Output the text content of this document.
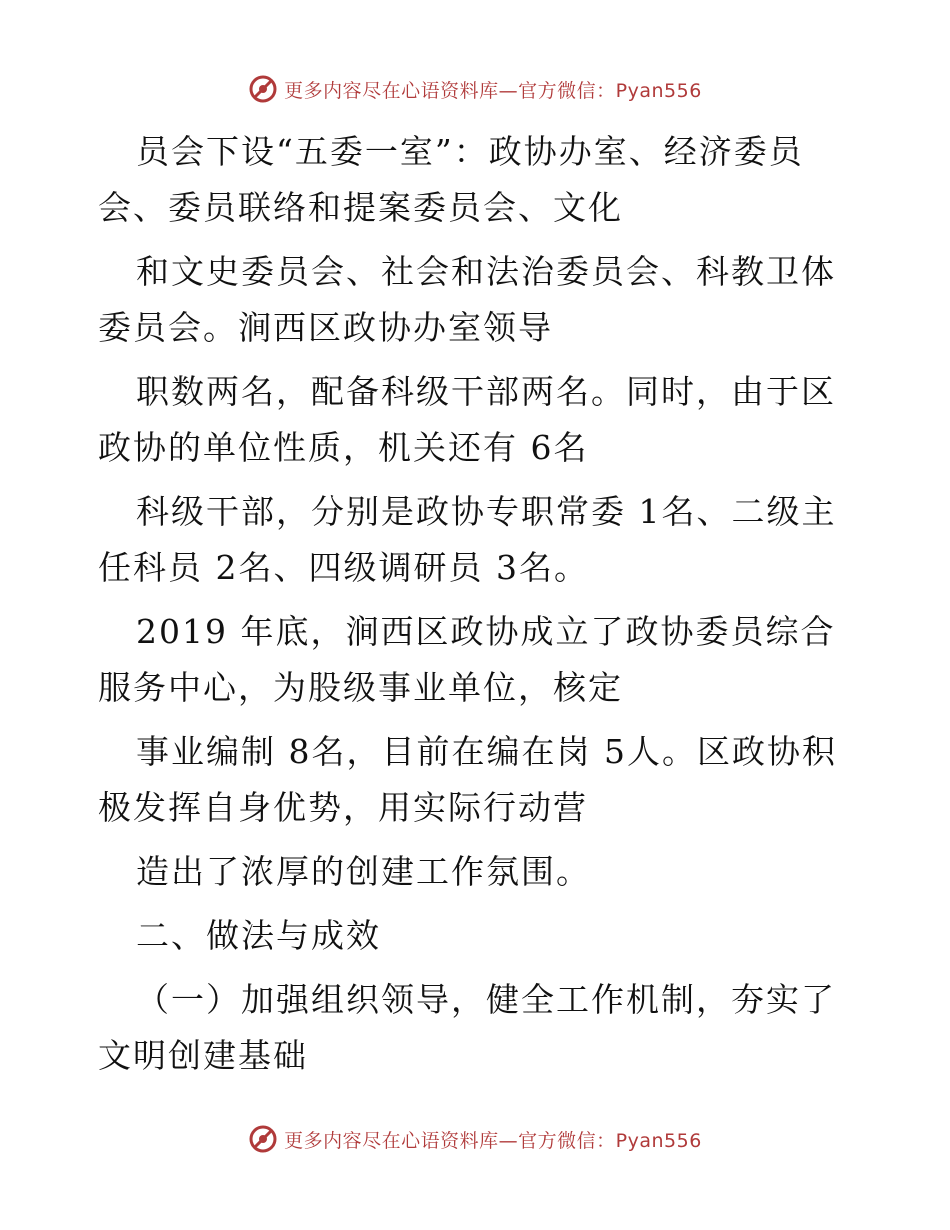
更多内容尽在心语资料库—官方微信：Pyan556

员会下设“五委一室”：政协办室、经济委员会、委员联络和提案委员会、文化

和文史委员会、社会和法治委员会、科教卫体委员会。涧西区政协办室领导

职数两名，配备科级干部两名。同时，由于区政协的单位性质，机关还有 6名

科级干部，分别是政协专职常委 1名、二级主任科员 2名、四级调研员 3名。

2019 年底，涧西区政协成立了政协委员综合服务中心，为股级事业单位，核定

事业编制 8名，目前在编在岗 5人。区政协积极发挥自身优势，用实际行动营

造出了浓厚的创建工作氛围。

二、做法与成效

（一）加强组织领导，健全工作机制，夯实了文明创建基础

更多内容尽在心语资料库—官方微信：Pyan556
